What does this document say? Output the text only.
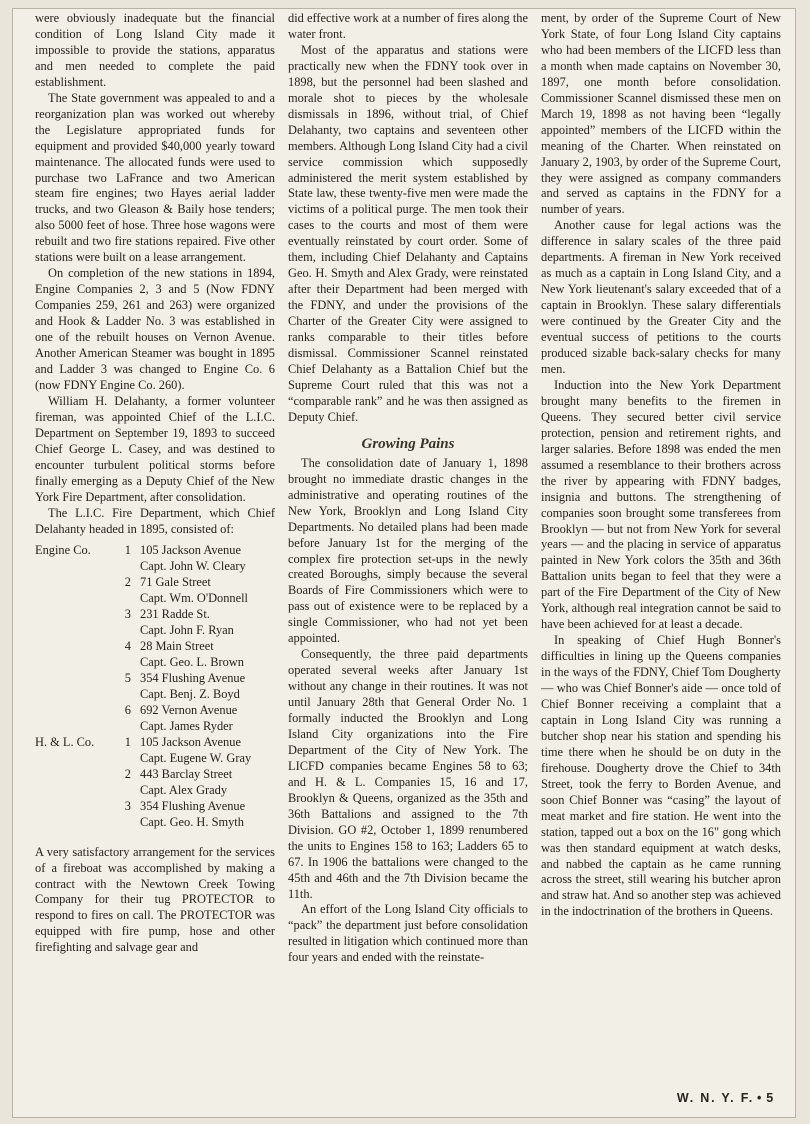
were obviously inadequate but the financial condition of Long Island City made it impossible to provide the stations, apparatus and men needed to complete the paid establishment.

The State government was appealed to and a reorganization plan was worked out whereby the Legislature appropriated funds for equipment and provided $40,000 yearly toward maintenance. The allocated funds were used to purchase two LaFrance and two American steam fire engines; two Hayes aerial ladder trucks, and two Gleason & Baily hose tenders; also 5000 feet of hose. Three hose wagons were rebuilt and two fire stations repaired. Five other stations were built on a lease arrangement.

On completion of the new stations in 1894, Engine Companies 2, 3 and 5 (Now FDNY Companies 259, 261 and 263) were organized and Hook & Ladder No. 3 was established in one of the rebuilt houses on Vernon Avenue. Another American Steamer was bought in 1895 and Ladder 3 was changed to Engine Co. 6 (now FDNY Engine Co. 260).

William H. Delahanty, a former volunteer fireman, was appointed Chief of the L.I.C. Department on September 19, 1893 to succeed Chief George L. Casey, and was destined to encounter turbulent political storms before finally emerging as a Deputy Chief of the New York Fire Department, after consolidation.

The L.I.C. Fire Department, which Chief Delahanty headed in 1895, consisted of:

Engine Co.	1 105 Jackson Avenue
Capt. John W. Cleary
2 71 Gale Street
Capt. Wm. O'Donnell
3 231 Radde St.
Capt. John F. Ryan
4 28 Main Street
Capt. Geo. L. Brown
5 354 Flushing Avenue
Capt. Benj. Z. Boyd
6 692 Vernon Avenue
Capt. James Ryder
H. & L. Co.	1 105 Jackson Avenue
Capt. Eugene W. Gray
2 443 Barclay Street
Capt. Alex Grady
3 354 Flushing Avenue
Capt. Geo. H. Smyth

A very satisfactory arrangement for the services of a fireboat was accomplished by making a contract with the Newtown Creek Towing Company for their tug PROTECTOR to respond to fires on call. The PROTECTOR was equipped with fire pump, hose and other firefighting and salvage gear and

did effective work at a number of fires along the water front.

Most of the apparatus and stations were practically new when the FDNY took over in 1898, but the personnel had been slashed and morale shot to pieces by the wholesale dismissals in 1896, without trial, of Chief Delahanty, two captains and seventeen other members. Although Long Island City had a civil service commission which supposedly administered the merit system established by State law, these twenty-five men were made the victims of a political purge. The men took their cases to the courts and most of them were eventually reinstated by court order. Some of them, including Chief Delahanty and Captains Geo. H. Smyth and Alex Grady, were reinstated after their Department had been merged with the FDNY, and under the provisions of the Charter of the Greater City were assigned to ranks comparable to their titles before dismissal. Commissioner Scannel reinstated Chief Delahanty as a Battalion Chief but the Supreme Court ruled that this was not a “comparable rank” and he was then assigned as Deputy Chief.

Growing Pains

The consolidation date of January 1, 1898 brought no immediate drastic changes in the administrative and operating routines of the New York, Brooklyn and Long Island City Departments. No detailed plans had been made before January 1st for the merging of the complex fire protection set-ups in the newly created Boroughs, simply because the several Boards of Fire Commissioners which were to pass out of existence were to be replaced by a single Commissioner, who had not yet been appointed.

Consequently, the three paid departments operated several weeks after January 1st without any change in their routines. It was not until January 28th that General Order No. 1 formally inducted the Brooklyn and Long Island City organizations into the Fire Department of the City of New York. The LICFD companies became Engines 58 to 63; and H. & L. Companies 15, 16 and 17, Brooklyn & Queens, organized as the 35th and 36th Battalions and assigned to the 7th Division. GO #2, October 1, 1899 renumbered the units to Engines 158 to 163; Ladders 65 to 67. In 1906 the battalions were changed to the 45th and 46th and the 7th Division became the 11th.

An effort of the Long Island City officials to “pack” the department just before consolidation resulted in litigation which continued more than four years and ended with the reinstate-

ment, by order of the Supreme Court of New York State, of four Long Island City captains who had been members of the LICFD less than a month when made captains on November 30, 1897, one month before consolidation. Commissioner Scannel dismissed these men on March 19, 1898 as not having been “legally appointed” members of the LICFD within the meaning of the Charter. When reinstated on January 2, 1903, by order of the Supreme Court, they were assigned as company commanders and served as captains in the FDNY for a number of years.

Another cause for legal actions was the difference in salary scales of the three paid departments. A fireman in New York received as much as a captain in Long Island City, and a New York lieutenant's salary exceeded that of a captain in Brooklyn. These salary differentials were continued by the Greater City and the eventual success of petitions to the courts produced sizable back-salary checks for many men.

Induction into the New York Department brought many benefits to the firemen in Queens. They secured better civil service protection, pension and retirement rights, and larger salaries. Before 1898 was ended the men assumed a resemblance to their brothers across the river by appearing with FDNY badges, insignia and buttons. The strengthening of companies soon brought some transferees from Brooklyn — but not from New York for several years — and the placing in service of apparatus painted in New York colors the 35th and 36th Battalion units began to feel that they were a part of the Fire Department of the City of New York, although real integration cannot be said to have been achieved for at least a decade.

In speaking of Chief Hugh Bonner's difficulties in lining up the Queens companies in the ways of the FDNY, Chief Tom Dougherty — who was Chief Bonner's aide — once told of Chief Bonner receiving a complaint that a captain in Long Island City was running a butcher shop near his station and spending his time there when he should be on duty in the firehouse. Dougherty drove the Chief to 34th Street, took the ferry to Borden Avenue, and soon Chief Bonner was “casing” the layout of meat market and fire station. He went into the station, tapped out a box on the 16" gong which was then standard equipment at watch desks, and nabbed the captain as he came running across the street, still wearing his butcher apron and straw hat. And so another step was achieved in the indoctrination of the brothers in Queens.

W. N. Y. F. • 5
